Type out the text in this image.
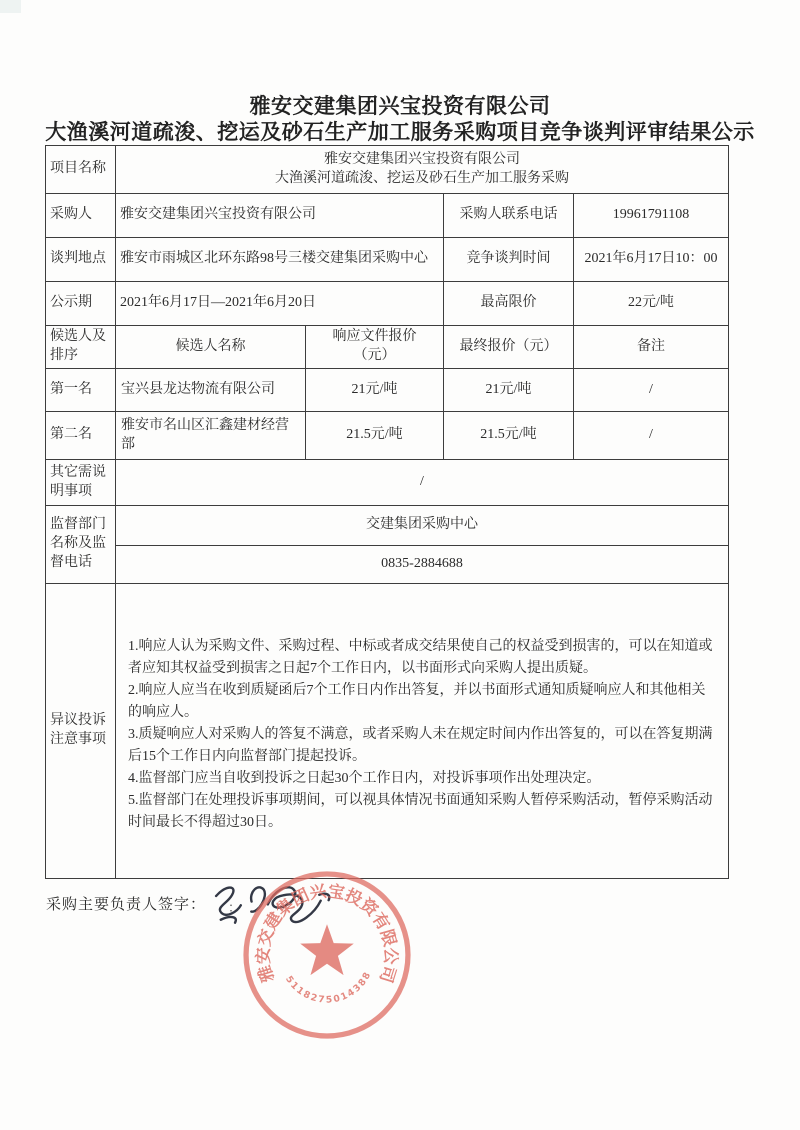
雅安交建集团兴宝投资有限公司
大渔溪河道疏浚、挖运及砂石生产加工服务采购项目竞争谈判评审结果公示
项目名称	雅安交建集团兴宝投资有限公司
大渔溪河道疏浚、挖运及砂石生产加工服务采购			

采购人	雅安交建集团兴宝投资有限公司		采购人联系电话	19961791108
谈判地点	雅安市雨城区北环东路98号三楼交建集团采购中心		竞争谈判时间	2021年6月17日10：00
公示期	2021年6月17日—2021年6月20日		最高限价	22元/吨
候选人及排序	候选人名称	响应文件报价
（元）	最终报价（元）	备注
第一名	宝兴县龙达物流有限公司	21元/吨	21元/吨	/
第二名	雅安市名山区汇鑫建材经营部	21.5元/吨	21.5元/吨	/
其它需说明事项	/			
监督部门名称及监督电话	交建集团采购中心			
	0835-2884688			
异议投诉注意事项	1.响应人认为采购文件、采购过程、中标或者成交结果使自己的权益受到损害的，可以在知道或者应知其权益受到损害之日起7个工作日内，以书面形式向采购人提出质疑。

2.响应人应当在收到质疑函后7个工作日内作出答复，并以书面形式通知质疑响应人和其他相关的响应人。

3.质疑响应人对采购人的答复不满意，或者采购人未在规定时间内作出答复的，可以在答复期满后15个工作日内向监督部门提起投诉。

4.监督部门应当自收到投诉之日起30个工作日内，对投诉事项作出处理决定。

5.监督部门在处理投诉事项期间，可以视具体情况书面通知采购人暂停采购活动，暂停采购活动时间最长不得超过30日。			

采购主要负责人签字： ：
雅安交建集团兴宝投资有限公司
5118275014388
